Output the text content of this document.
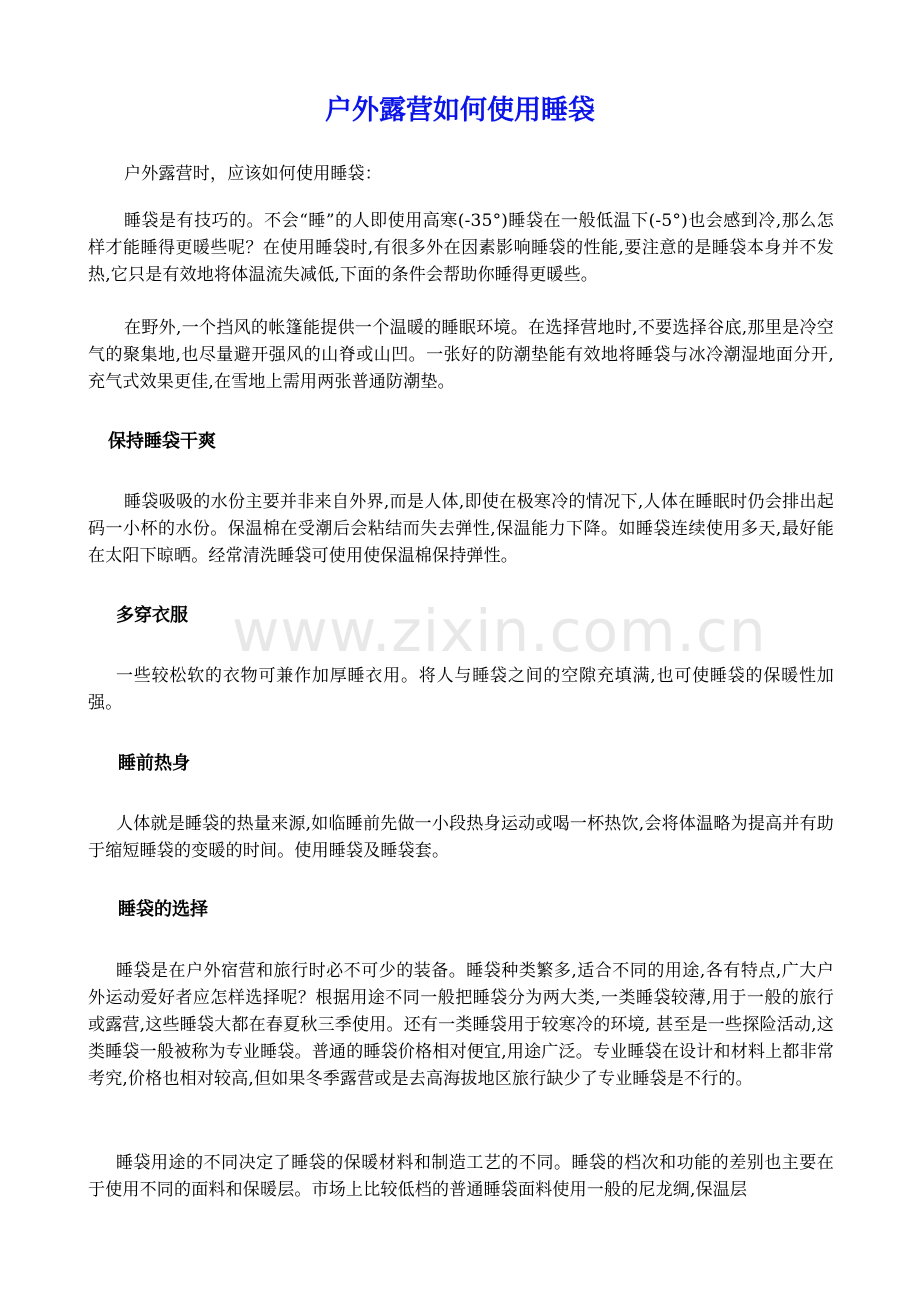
户外露营如何使用睡袋

户外露营时，应该如何使用睡袋：

睡袋是有技巧的。不会“睡”的人即使用高寒(-35°)睡袋在一般低温下(-5°)也会感到冷,那么怎样才能睡得更暖些呢？在使用睡袋时,有很多外在因素影响睡袋的性能,要注意的是睡袋本身并不发热,它只是有效地将体温流失减低,下面的条件会帮助你睡得更暖些。

在野外,一个挡风的帐篷能提供一个温暖的睡眠环境。在选择营地时,不要选择谷底,那里是冷空气的聚集地,也尽量避开强风的山脊或山凹。一张好的防潮垫能有效地将睡袋与冰冷潮湿地面分开,充气式效果更佳,在雪地上需用两张普通防潮垫。

保持睡袋干爽

睡袋吸吸的水份主要并非来自外界,而是人体,即使在极寒冷的情况下,人体在睡眠时仍会排出起码一小杯的水份。保温棉在受潮后会粘结而失去弹性,保温能力下降。如睡袋连续使用多天,最好能在太阳下晾晒。经常清洗睡袋可使用使保温棉保持弹性。

多穿衣服

一些较松软的衣物可兼作加厚睡衣用。将人与睡袋之间的空隙充填满,也可使睡袋的保暖性加强。

睡前热身

人体就是睡袋的热量来源,如临睡前先做一小段热身运动或喝一杯热饮,会将体温略为提高并有助于缩短睡袋的变暖的时间。使用睡袋及睡袋套。

睡袋的选择

睡袋是在户外宿营和旅行时必不可少的装备。睡袋种类繁多,适合不同的用途,各有特点,广大户外运动爱好者应怎样选择呢？根据用途不同一般把睡袋分为两大类,一类睡袋较薄,用于一般的旅行或露营,这些睡袋大都在春夏秋三季使用。还有一类睡袋用于较寒冷的环境, 甚至是一些探险活动,这类睡袋一般被称为专业睡袋。普通的睡袋价格相对便宜,用途广泛。专业睡袋在设计和材料上都非常考究,价格也相对较高,但如果冬季露营或是去高海拔地区旅行缺少了专业睡袋是不行的。

睡袋用途的不同决定了睡袋的保暖材料和制造工艺的不同。睡袋的档次和功能的差别也主要在于使用不同的面料和保暖层。市场上比较低档的普通睡袋面料使用一般的尼龙绸,保温层

www.zixin.com.cn
